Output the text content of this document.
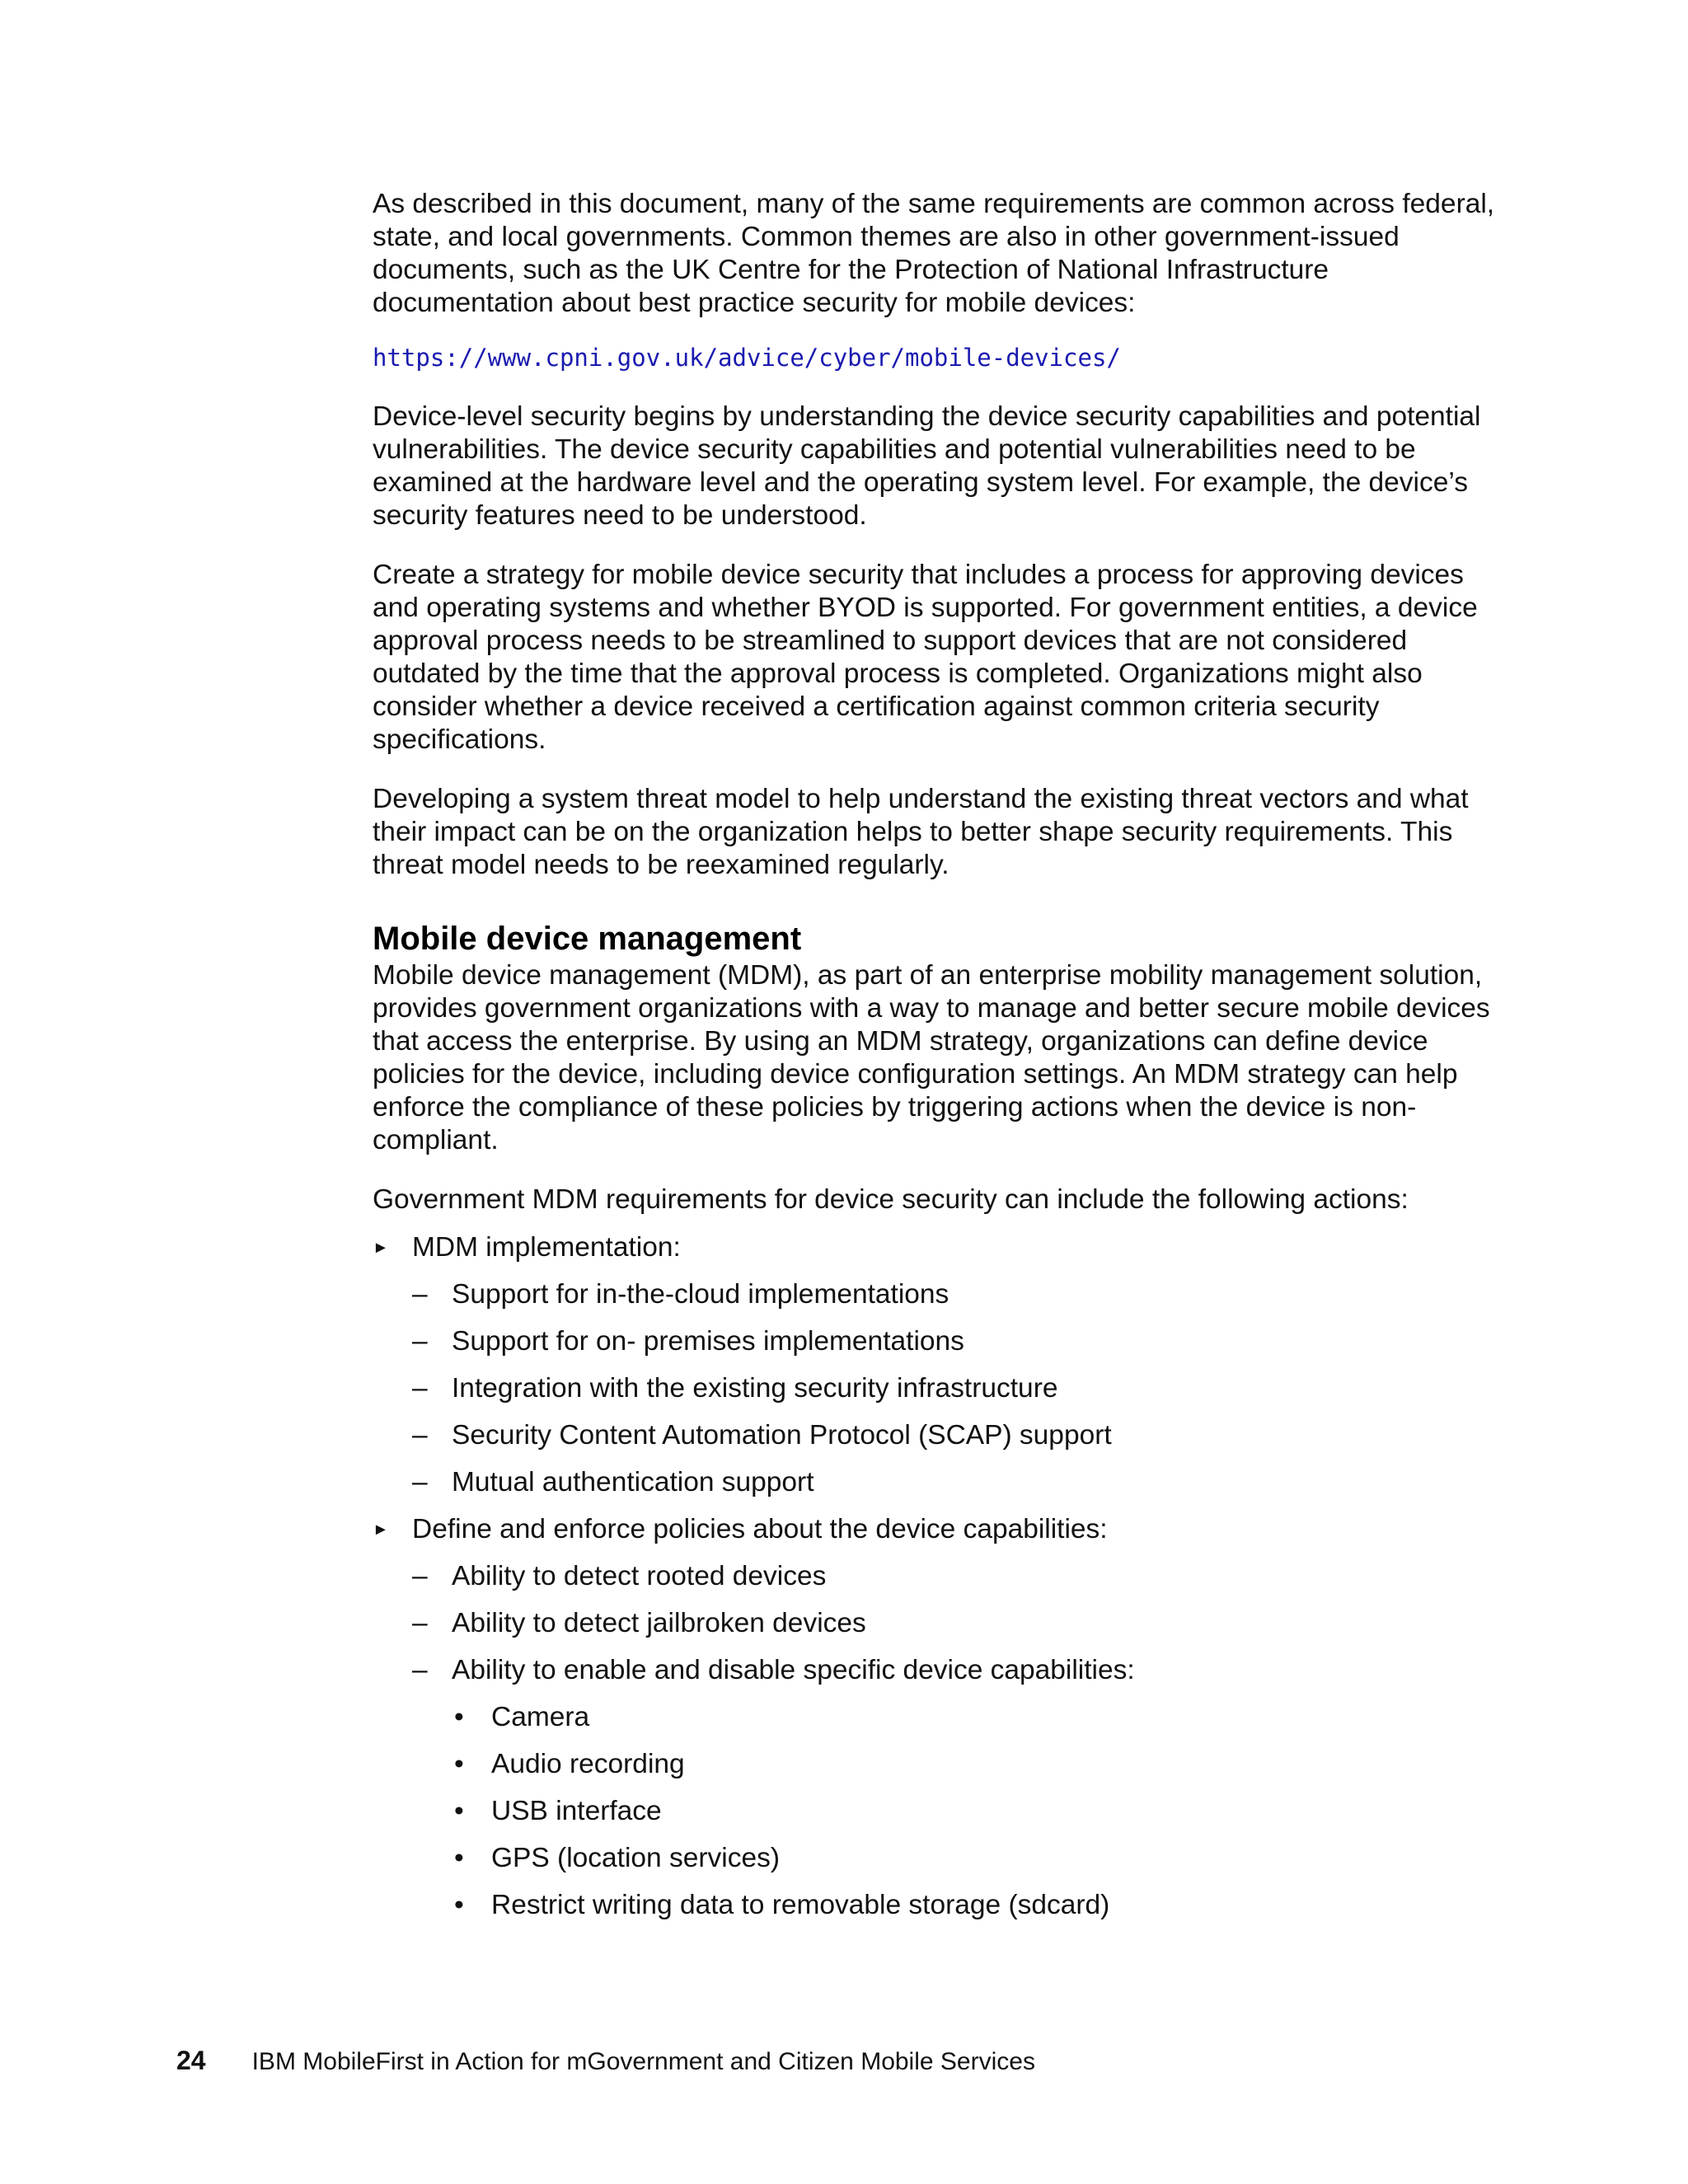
As described in this document, many of the same requirements are common across federal, state, and local governments. Common themes are also in other government-issued documents, such as the UK Centre for the Protection of National Infrastructure documentation about best practice security for mobile devices:

https://www.cpni.gov.uk/advice/cyber/mobile-devices/

Device-level security begins by understanding the device security capabilities and potential vulnerabilities. The device security capabilities and potential vulnerabilities need to be examined at the hardware level and the operating system level. For example, the device’s security features need to be understood.

Create a strategy for mobile device security that includes a process for approving devices and operating systems and whether BYOD is supported. For government entities, a device approval process needs to be streamlined to support devices that are not considered outdated by the time that the approval process is completed. Organizations might also consider whether a device received a certification against common criteria security specifications.

Developing a system threat model to help understand the existing threat vectors and what their impact can be on the organization helps to better shape security requirements. This threat model needs to be reexamined regularly.

Mobile device management

Mobile device management (MDM), as part of an enterprise mobility management solution, provides government organizations with a way to manage and better secure mobile devices that access the enterprise. By using an MDM strategy, organizations can define device policies for the device, including device configuration settings. An MDM strategy can help enforce the compliance of these policies by triggering actions when the device is non-compliant.

Government MDM requirements for device security can include the following actions:

► MDM implementation:
– Support for in-the-cloud implementations
– Support for on- premises implementations
– Integration with the existing security infrastructure
– Security Content Automation Protocol (SCAP) support
– Mutual authentication support
► Define and enforce policies about the device capabilities:
– Ability to detect rooted devices
– Ability to detect jailbroken devices
– Ability to enable and disable specific device capabilities:
• Camera
• Audio recording
• USB interface
• GPS (location services)
• Restrict writing data to removable storage (sdcard)
24 IBM MobileFirst in Action for mGovernment and Citizen Mobile Services
